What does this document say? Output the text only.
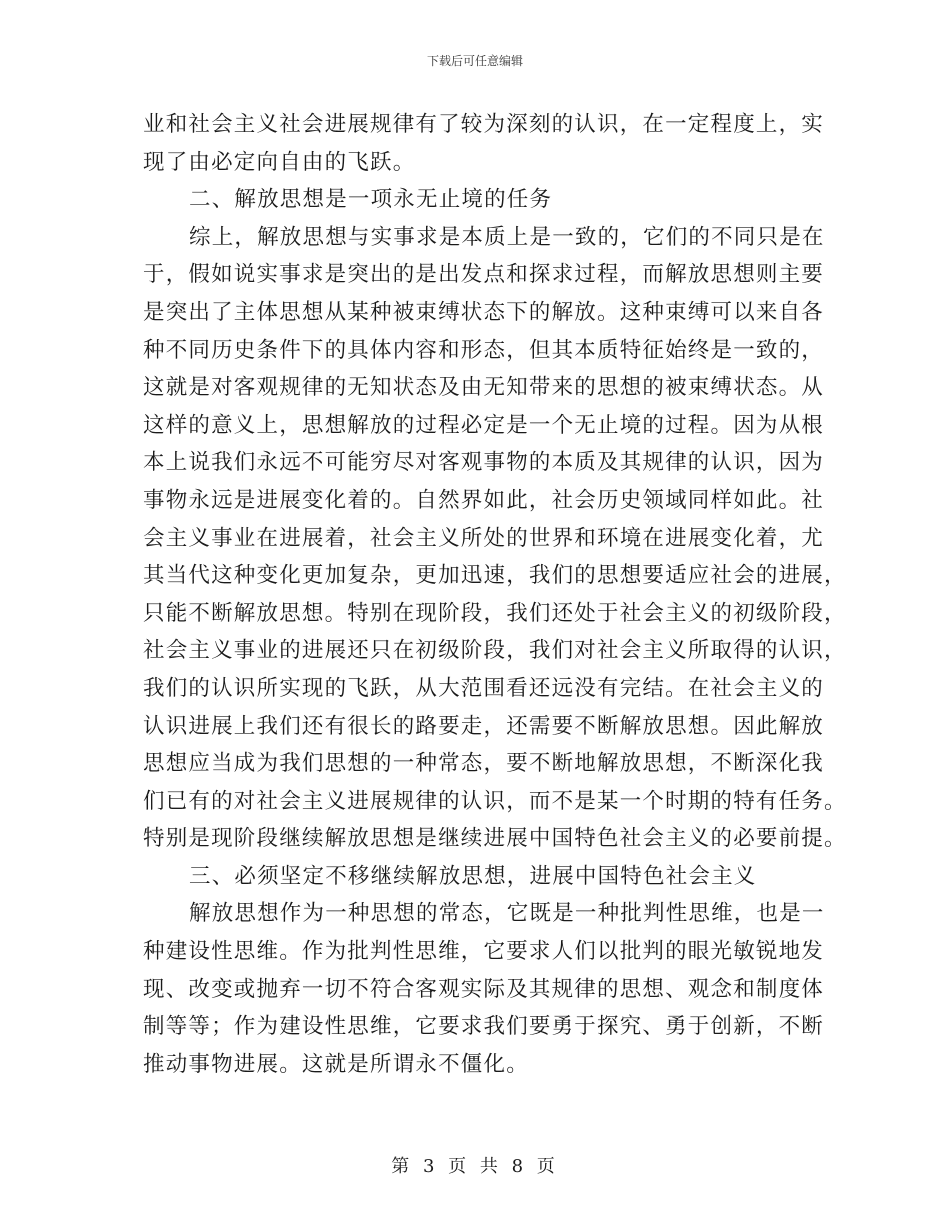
下载后可任意编辑
业和社会主义社会进展规律有了较为深刻的认识，在一定程度上，实
现了由必定向自由的飞跃。
二、解放思想是一项永无止境的任务
综上，解放思想与实事求是本质上是一致的，它们的不同只是在
于，假如说实事求是突出的是出发点和探求过程，而解放思想则主要
是突出了主体思想从某种被束缚状态下的解放。这种束缚可以来自各
种不同历史条件下的具体内容和形态，但其本质特征始终是一致的，
这就是对客观规律的无知状态及由无知带来的思想的被束缚状态。从
这样的意义上，思想解放的过程必定是一个无止境的过程。因为从根
本上说我们永远不可能穷尽对客观事物的本质及其规律的认识，因为
事物永远是进展变化着的。自然界如此，社会历史领域同样如此。社
会主义事业在进展着，社会主义所处的世界和环境在进展变化着，尤
其当代这种变化更加复杂，更加迅速，我们的思想要适应社会的进展，
只能不断解放思想。特别在现阶段，我们还处于社会主义的初级阶段，
社会主义事业的进展还只在初级阶段，我们对社会主义所取得的认识，
我们的认识所实现的飞跃，从大范围看还远没有完结。在社会主义的
认识进展上我们还有很长的路要走，还需要不断解放思想。因此解放
思想应当成为我们思想的一种常态，要不断地解放思想，不断深化我
们已有的对社会主义进展规律的认识，而不是某一个时期的特有任务。
特别是现阶段继续解放思想是继续进展中国特色社会主义的必要前提。
三、必须坚定不移继续解放思想，进展中国特色社会主义
解放思想作为一种思想的常态，它既是一种批判性思维，也是一
种建设性思维。作为批判性思维，它要求人们以批判的眼光敏锐地发
现、改变或抛弃一切不符合客观实际及其规律的思想、观念和制度体
制等等；作为建设性思维，它要求我们要勇于探究、勇于创新，不断
推动事物进展。这就是所谓永不僵化。
第 3 页 共 8 页
